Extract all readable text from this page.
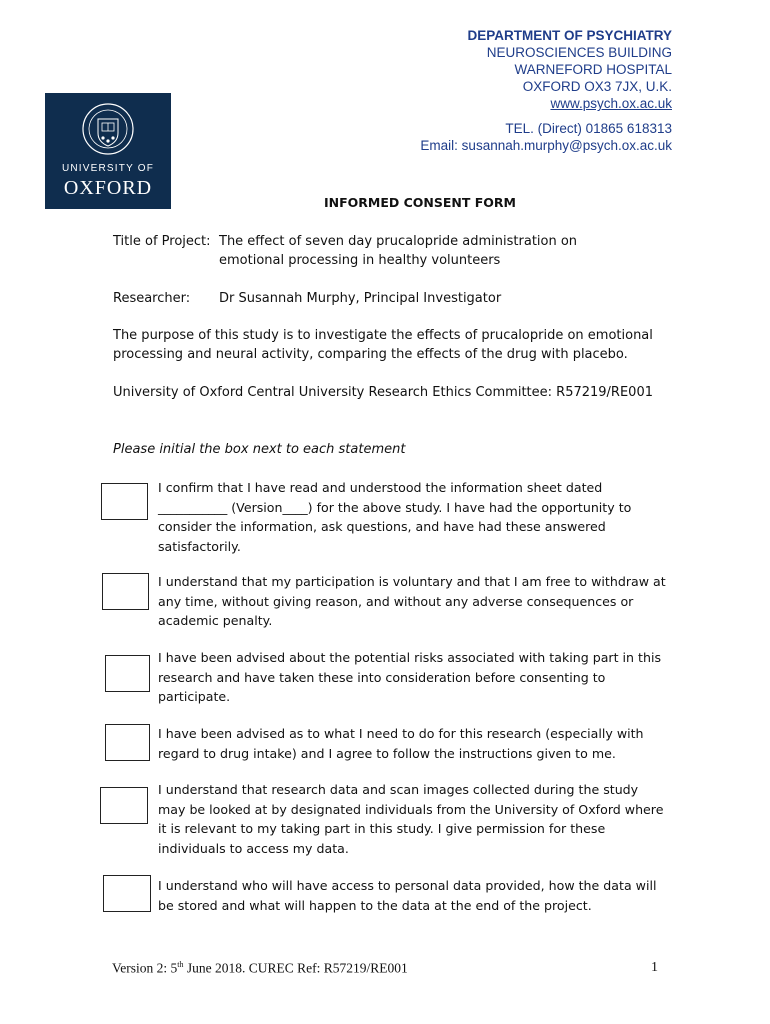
UNIVERSITY OF
OXFORD
DEPARTMENT OF PSYCHIATRY
NEUROSCIENCES BUILDING
WARNEFORD HOSPITAL
OXFORD OX3 7JX, U.K.
www.psych.ox.ac.uk
TEL. (Direct) 01865 618313
Email: susannah.murphy@psych.ox.ac.uk
INFORMED CONSENT FORM
Title of Project: The effect of seven day prucalopride administration on emotional processing in healthy volunteers
Researcher: Dr Susannah Murphy, Principal Investigator
The purpose of this study is to investigate the effects of prucalopride on emotional processing and neural activity, comparing the effects of the drug with placebo.
University of Oxford Central University Research Ethics Committee: R57219/RE001
Please initial the box next to each statement
I confirm that I have read and understood the information sheet dated ___________ (Version____) for the above study. I have had the opportunity to consider the information, ask questions, and have had these answered satisfactorily.
I understand that my participation is voluntary and that I am free to withdraw at any time, without giving reason, and without any adverse consequences or academic penalty.
I have been advised about the potential risks associated with taking part in this research and have taken these into consideration before consenting to participate.
I have been advised as to what I need to do for this research (especially with regard to drug intake) and I agree to follow the instructions given to me.
I understand that research data and scan images collected during the study may be looked at by designated individuals from the University of Oxford where it is relevant to my taking part in this study. I give permission for these individuals to access my data.
I understand who will have access to personal data provided, how the data will be stored and what will happen to the data at the end of the project.
Version 2: 5th June 2018. CUREC Ref: R57219/RE001	1
